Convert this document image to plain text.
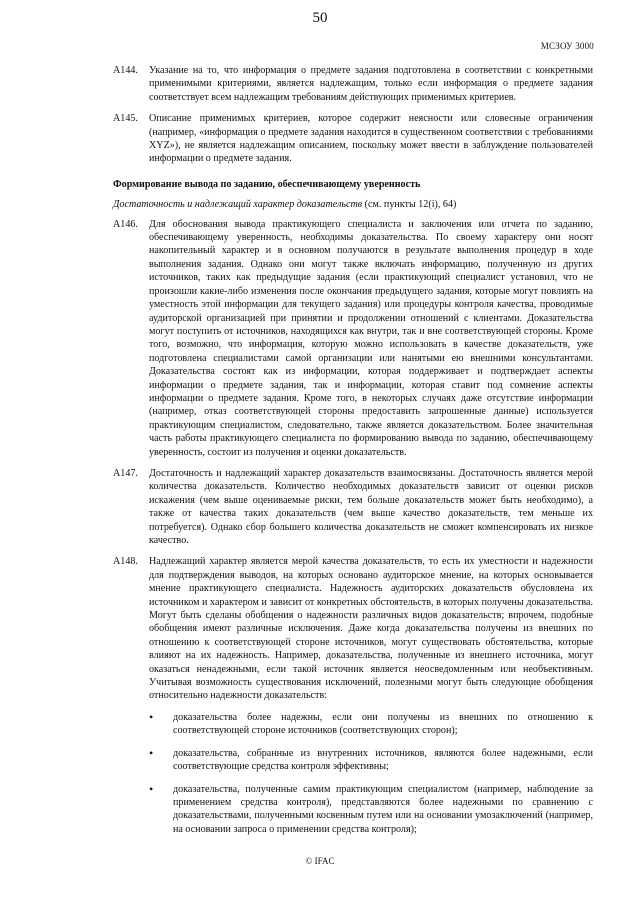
50
МСЗОУ 3000
A144.	Указание на то, что информация о предмете задания подготовлена в соответствии с конкретными применимыми критериями, является надлежащим, только если информация о предмете задания соответствует всем надлежащим требованиям действующих применимых критериев.
A145.	Описание применимых критериев, которое содержит неясности или словесные ограничения (например, «информация о предмете задания находится в существенном соответствии с требованиями XYZ»), не является надлежащим описанием, поскольку может ввести в заблуждение пользователей информации о предмете задания.
Формирование вывода по заданию, обеспечивающему уверенность
Достаточность и надлежащий характер доказательств (см. пункты 12(i), 64)
A146.	Для обоснования вывода практикующего специалиста и заключения или отчета по заданию, обеспечивающему уверенность, необходимы доказательства. По своему характеру они носят накопительный характер и в основном получаются в результате выполнения процедур в ходе выполнения задания. Однако они могут также включать информацию, полученную из других источников, таких как предыдущие задания (если практикующий специалист установил, что не произошли какие-либо изменения после окончания предыдущего задания, которые могут повлиять на уместность этой информации для текущего задания) или процедуры контроля качества, проводимые аудиторской организацией при принятии и продолжении отношений с клиентами. Доказательства могут поступить от источников, находящихся как внутри, так и вне соответствующей стороны. Кроме того, возможно, что информация, которую можно использовать в качестве доказательств, уже подготовлена специалистами самой организации или нанятыми ею внешними консультантами. Доказательства состоят как из информации, которая поддерживает и подтверждает аспекты информации о предмете задания, так и информации, которая ставит под сомнение аспекты информации о предмете задания. Кроме того, в некоторых случаях даже отсутствие информации (например, отказ соответствующей стороны предоставить запрошенные данные) используется практикующим специалистом, следовательно, также является доказательством. Более значительная часть работы практикующего специалиста по формированию вывода по заданию, обеспечивающему уверенность, состоит из получения и оценки доказательств.
A147.	Достаточность и надлежащий характер доказательств взаимосвязаны. Достаточность является мерой количества доказательств. Количество необходимых доказательств зависит от оценки рисков искажения (чем выше оцениваемые риски, тем больше доказательств может быть необходимо), а также от качества таких доказательств (чем выше качество доказательств, тем меньше их потребуется). Однако сбор большего количества доказательств не сможет компенсировать их низкое качество.
A148.	Надлежащий характер является мерой качества доказательств, то есть их уместности и надежности для подтверждения выводов, на которых основано аудиторское мнение, на которых основывается мнение практикующего специалиста. Надежность аудиторских доказательств обусловлена их источником и характером и зависит от конкретных обстоятельств, в которых получены доказательства. Могут быть сделаны обобщения о надежности различных видов доказательств; впрочем, подобные обобщения имеют различные исключения. Даже когда доказательства получены из внешних по отношению к соответствующей стороне источников, могут существовать обстоятельства, которые влияют на их надежность. Например, доказательства, полученные из внешнего источника, могут оказаться ненадежными, если такой источник является неосведомленным или необъективным. Учитывая возможность существования исключений, полезными могут быть следующие обобщения относительно надежности доказательств:
•	доказательства более надежны, если они получены из внешних по отношению к соответствующей стороне источников (соответствующих сторон);
•	доказательства, собранные из внутренних источников, являются более надежными, если соответствующие средства контроля эффективны;
•	доказательства, полученные самим практикующим специалистом (например, наблюдение за применением средства контроля), представляются более надежными по сравнению с доказательствами, полученными косвенным путем или на основании умозаключений (например, на основании запроса о применении средства контроля);
© IFAC
